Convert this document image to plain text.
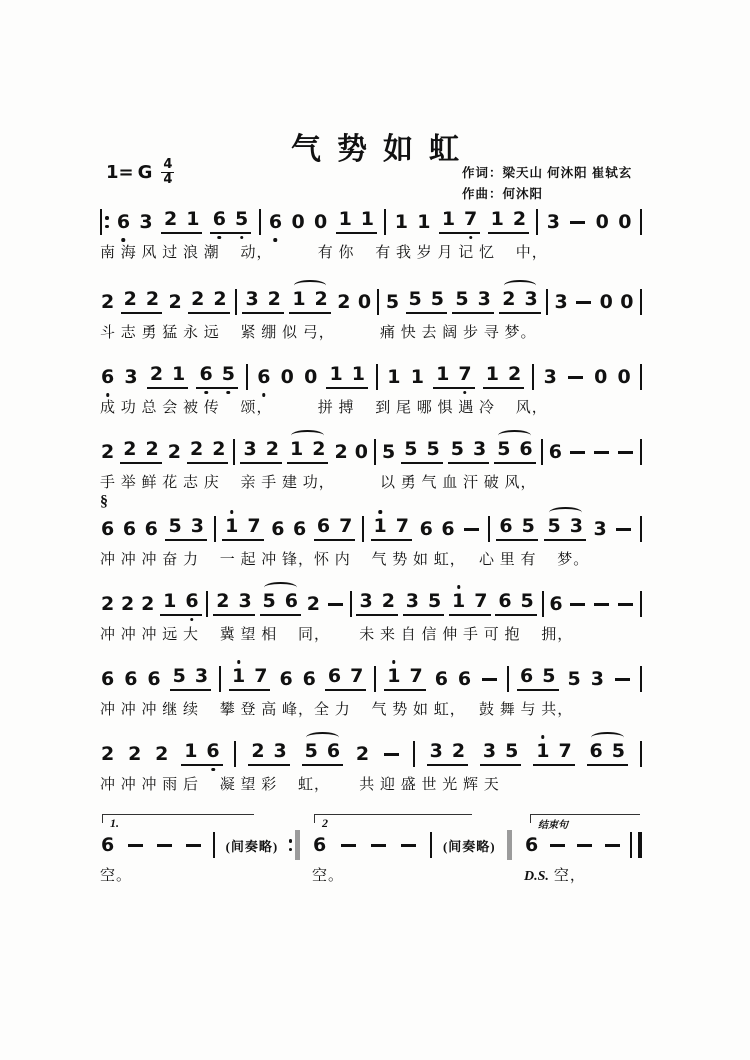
气势如虹
1= G $\frac{4}{4}$	作词：梁天山 何沐阳 崔轼玄
作曲：何沐阳
6 3 2 1 6 5 6 0 0 1 1 1 1 1 7 1 2 3 0 0
南 海 风 过 浪 潮　 动，　　　 有 你　 有 我 岁 月 记 忆　 中，
2 2 2 2 2 2 3 2 1 2 2 0 5 5 5 5 3 2 3 3 0 0
斗 志 勇 猛 永 远　 紧 绷 似 弓，　　　 痛 快 去 阔 步 寻 梦。
6 3 2 1 6 5 6 0 0 1 1 1 1 1 7 1 2 3 0 0
成 功 总 会 被 传　 颂，　　　 拼 搏　 到 尾 哪 惧 遇 冷　 风，
2 2 2 2 2 2 3 2 1 2 2 0 5 5 5 5 3 5 6 6
手 举 鲜 花 志 庆　 亲 手 建 功，　　　 以 勇 气 血 汗 破 风，
§
6 6 6 5 3 1 7 6 6 6 7 1 7 6 6 6 5 5 3 3
冲 冲 冲 奋 力　 一 起 冲 锋，怀 内　 气 势 如 虹，　 心 里 有　 梦。
2 2 2 1 6 2 3 5 6 2 3 2 3 5 1 7 6 5 6
冲 冲 冲 远 大　 冀 望 相　 同，　　 未 来 自 信 伸 手 可 抱　 拥，
6 6 6 5 3 1 7 6 6 6 7 1 7 6 6	6 5 5 3
冲 冲 冲 继 续　 攀 登 高 峰，全 力　 气 势 如 虹，　 鼓 舞 与 共，
2 2 2 1 6 2 3 5 6 2	3 2 3 5 1 7 6 5
冲 冲 冲 雨 后　 凝 望 彩　 虹，　　 共 迎 盛 世 光 辉 天
1.
6	(间奏略)
空。
2
6	(间奏略)
空。
结束句
6
D.S. 空，
